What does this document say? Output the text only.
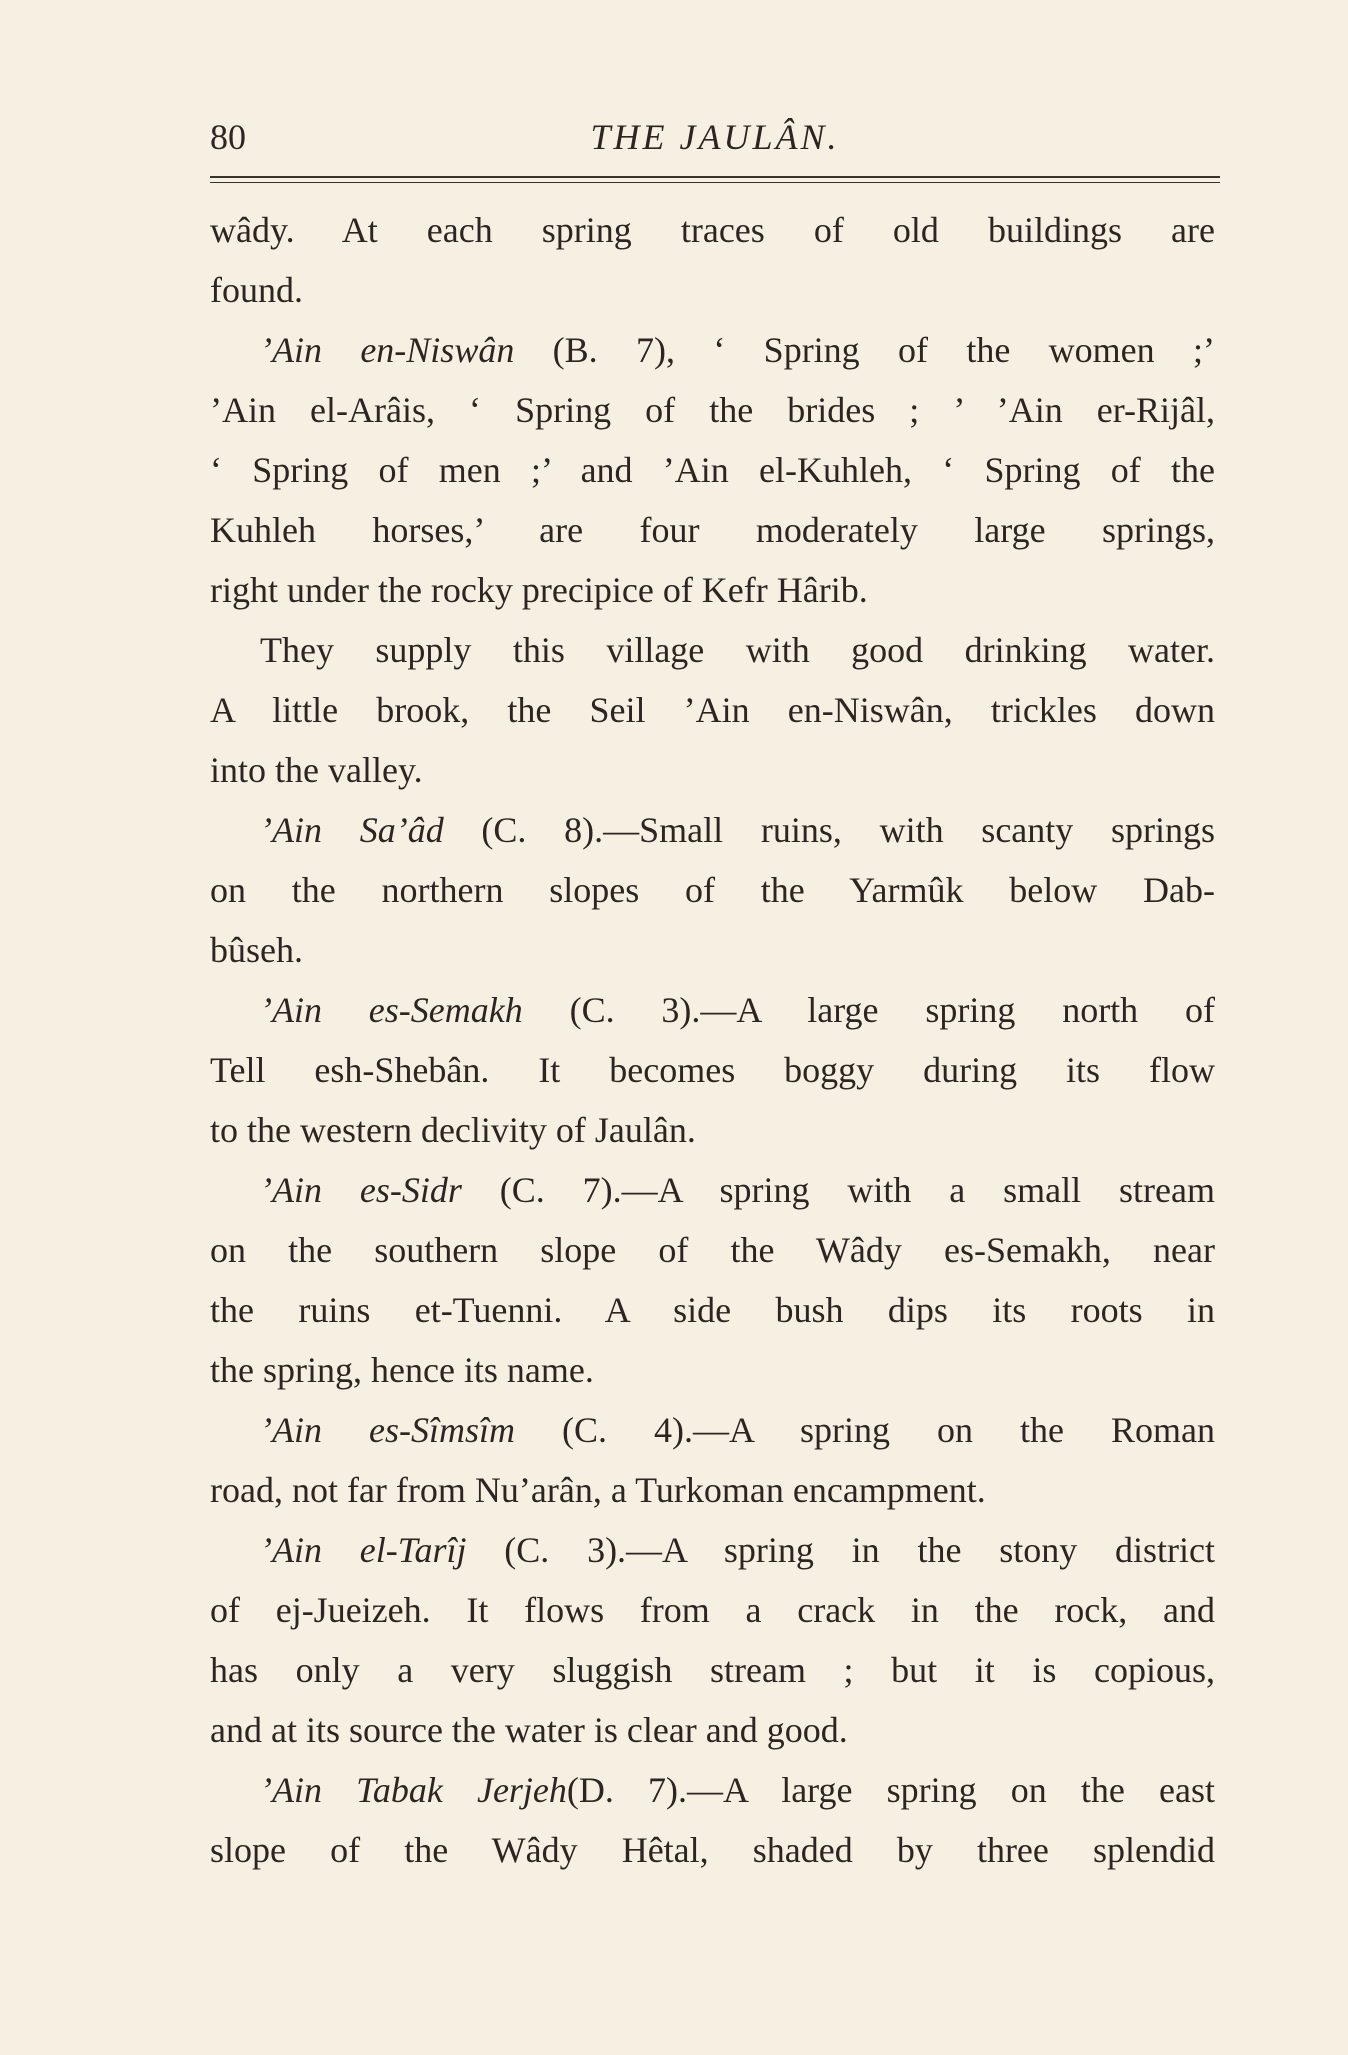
80	THE JAULÂN.
wâdy. At each spring traces of old buildings are
found.
’Ain en-Niswân (B. 7), ‘ Spring of the women ;’
’Ain el-Arâis, ‘ Spring of the brides ; ’ ’Ain er-Rijâl,
‘ Spring of men ;’ and ’Ain el-Kuhleh, ‘ Spring of the
Kuhleh horses,’ are four moderately large springs,
right under the rocky precipice of Kefr Hârib.
They supply this village with good drinking water.
A little brook, the Seil ’Ain en-Niswân, trickles down
into the valley.
’Ain Sa’âd (C. 8).—Small ruins, with scanty springs
on the northern slopes of the Yarmûk below Dab-
bûseh.
’Ain es-Semakh (C. 3).—A large spring north of
Tell esh-Shebân. It becomes boggy during its flow
to the western declivity of Jaulân.
’Ain es-Sidr (C. 7).—A spring with a small stream
on the southern slope of the Wâdy es-Semakh, near
the ruins et-Tuenni. A side bush dips its roots in
the spring, hence its name.
’Ain es-Sîmsîm (C. 4).—A spring on the Roman
road, not far from Nu’arân, a Turkoman encampment.
’Ain el-Tarîj (C. 3).—A spring in the stony district
of ej-Jueizeh. It flows from a crack in the rock, and
has only a very sluggish stream ; but it is copious,
and at its source the water is clear and good.
’Ain Tabak Jerjeh(D. 7).—A large spring on the east
slope of the Wâdy Hêtal, shaded by three splendid
